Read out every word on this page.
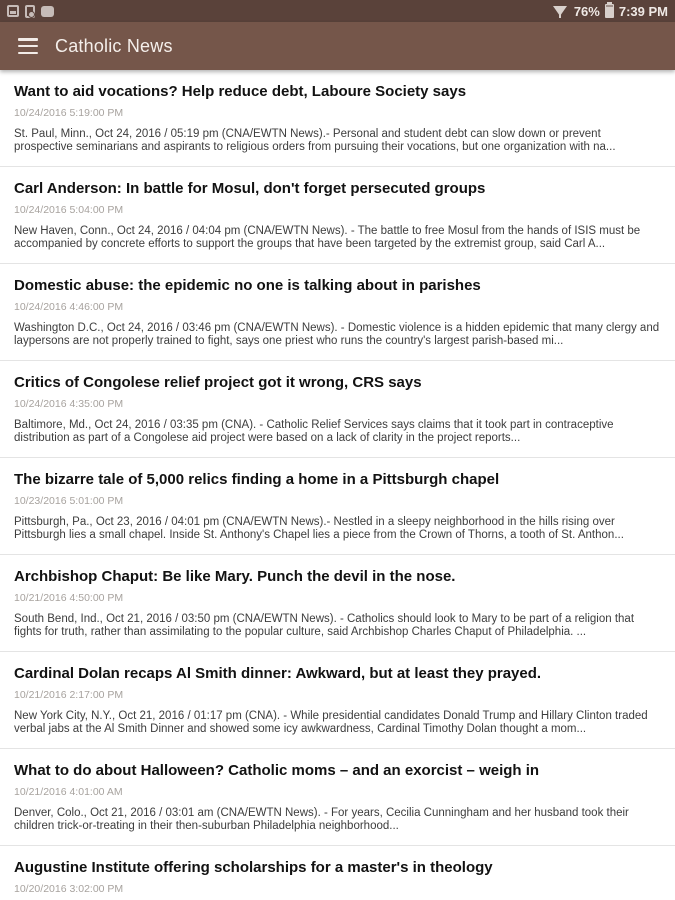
76% 7:39 PM
Catholic News
Want to aid vocations? Help reduce debt, Laboure Society says
10/24/2016 5:19:00 PM

St. Paul, Minn., Oct 24, 2016 / 05:19 pm (CNA/EWTN News).- Personal and student debt can slow down or prevent prospective seminarians and aspirants to religious orders from pursuing their vocations, but one organization with na...

Carl Anderson: In battle for Mosul, don't forget persecuted groups
10/24/2016 5:04:00 PM

New Haven, Conn., Oct 24, 2016 / 04:04 pm (CNA/EWTN News). - The battle to free Mosul from the hands of ISIS must be accompanied by concrete efforts to support the groups that have been targeted by the extremist group, said Carl A...

Domestic abuse: the epidemic no one is talking about in parishes
10/24/2016 4:46:00 PM

Washington D.C., Oct 24, 2016 / 03:46 pm (CNA/EWTN News). - Domestic violence is a hidden epidemic that many clergy and laypersons are not properly trained to fight, says one priest who runs the country's largest parish-based mi...

Critics of Congolese relief project got it wrong, CRS says
10/24/2016 4:35:00 PM

Baltimore, Md., Oct 24, 2016 / 03:35 pm (CNA). - Catholic Relief Services says claims that it took part in contraceptive distribution as part of a Congolese aid project were based on a lack of clarity in the project reports...

The bizarre tale of 5,000 relics finding a home in a Pittsburgh chapel
10/23/2016 5:01:00 PM

Pittsburgh, Pa., Oct 23, 2016 / 04:01 pm (CNA/EWTN News).- Nestled in a sleepy neighborhood in the hills rising over Pittsburgh lies a small chapel. Inside St. Anthony's Chapel lies a piece from the Crown of Thorns, a tooth of St. Anthon...

Archbishop Chaput: Be like Mary. Punch the devil in the nose.
10/21/2016 4:50:00 PM

South Bend, Ind., Oct 21, 2016 / 03:50 pm (CNA/EWTN News). - Catholics should look to Mary to be part of a religion that fights for truth, rather than assimilating to the popular culture, said Archbishop Charles Chaput of Philadelphia. ...

Cardinal Dolan recaps Al Smith dinner: Awkward, but at least they prayed.
10/21/2016 2:17:00 PM

New York City, N.Y., Oct 21, 2016 / 01:17 pm (CNA). - While presidential candidates Donald Trump and Hillary Clinton traded verbal jabs at the Al Smith Dinner and showed some icy awkwardness, Cardinal Timothy Dolan thought a mom...

What to do about Halloween? Catholic moms – and an exorcist – weigh in
10/21/2016 4:01:00 AM

Denver, Colo., Oct 21, 2016 / 03:01 am (CNA/EWTN News). - For years, Cecilia Cunningham and her husband took their children trick-or-treating in their then-suburban Philadelphia neighborhood...

Augustine Institute offering scholarships for a master's in theology
10/20/2016 3:02:00 PM
